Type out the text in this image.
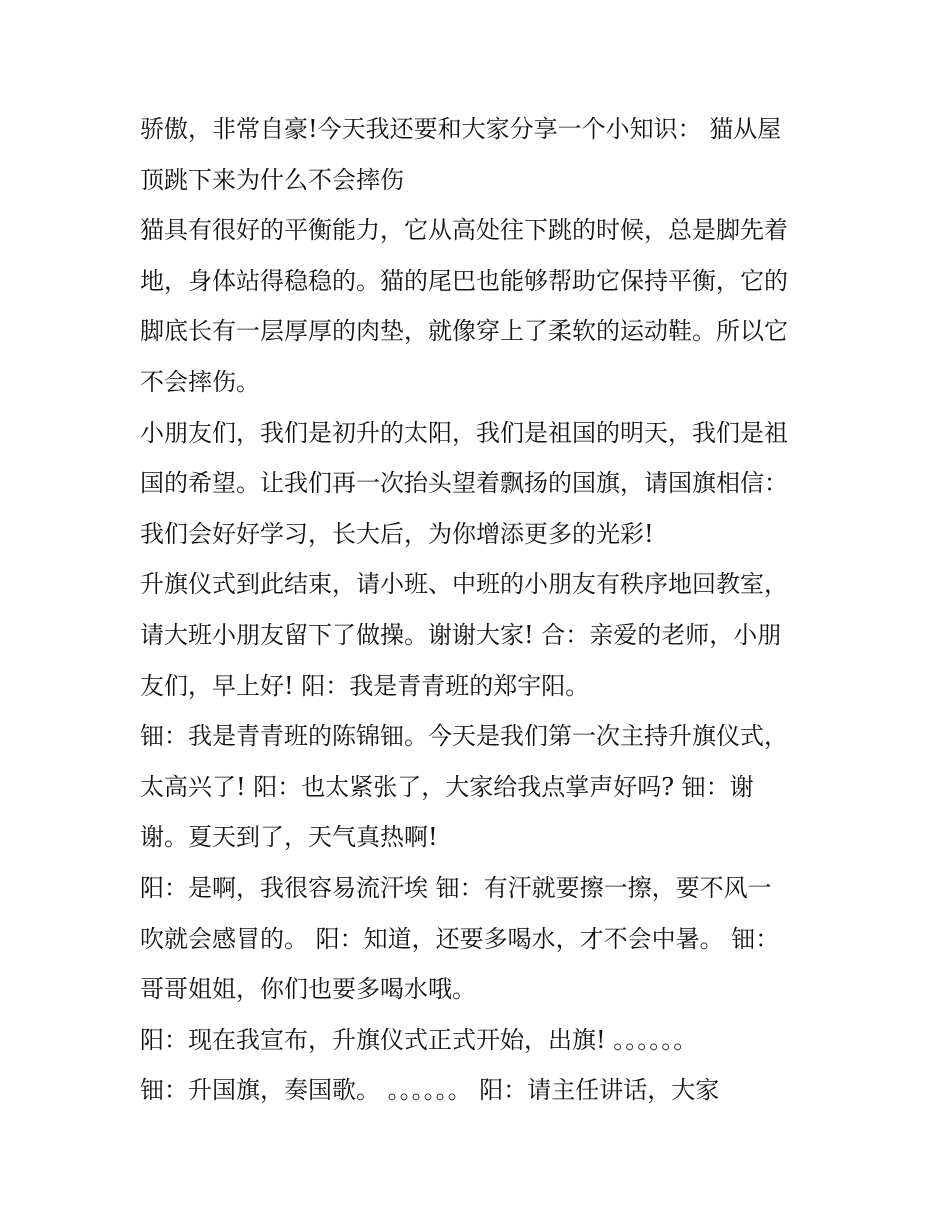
骄傲，非常自豪!今天我还要和大家分享一个小知识： 猫从屋
顶跳下来为什么不会摔伤
猫具有很好的平衡能力，它从高处往下跳的时候，总是脚先着
地，身体站得稳稳的。猫的尾巴也能够帮助它保持平衡，它的
脚底长有一层厚厚的肉垫，就像穿上了柔软的运动鞋。所以它
不会摔伤。
小朋友们，我们是初升的太阳，我们是祖国的明天，我们是祖
国的希望。让我们再一次抬头望着飘扬的国旗，请国旗相信：
我们会好好学习，长大后，为你增添更多的光彩!
升旗仪式到此结束，请小班、中班的小朋友有秩序地回教室，
请大班小朋友留下了做操。谢谢大家! 合：亲爱的老师，小朋
友们，早上好! 阳：我是青青班的郑宇阳。
钿：我是青青班的陈锦钿。今天是我们第一次主持升旗仪式，
太高兴了! 阳：也太紧张了，大家给我点掌声好吗? 钿：谢
谢。夏天到了，天气真热啊!
阳：是啊，我很容易流汗埃 钿：有汗就要擦一擦，要不风一
吹就会感冒的。 阳：知道，还要多喝水，才不会中暑。 钿：
哥哥姐姐，你们也要多喝水哦。
阳：现在我宣布，升旗仪式正式开始，出旗! 。。。。。。
钿：升国旗，奏国歌。 。。。。。。 阳：请主任讲话，大家
